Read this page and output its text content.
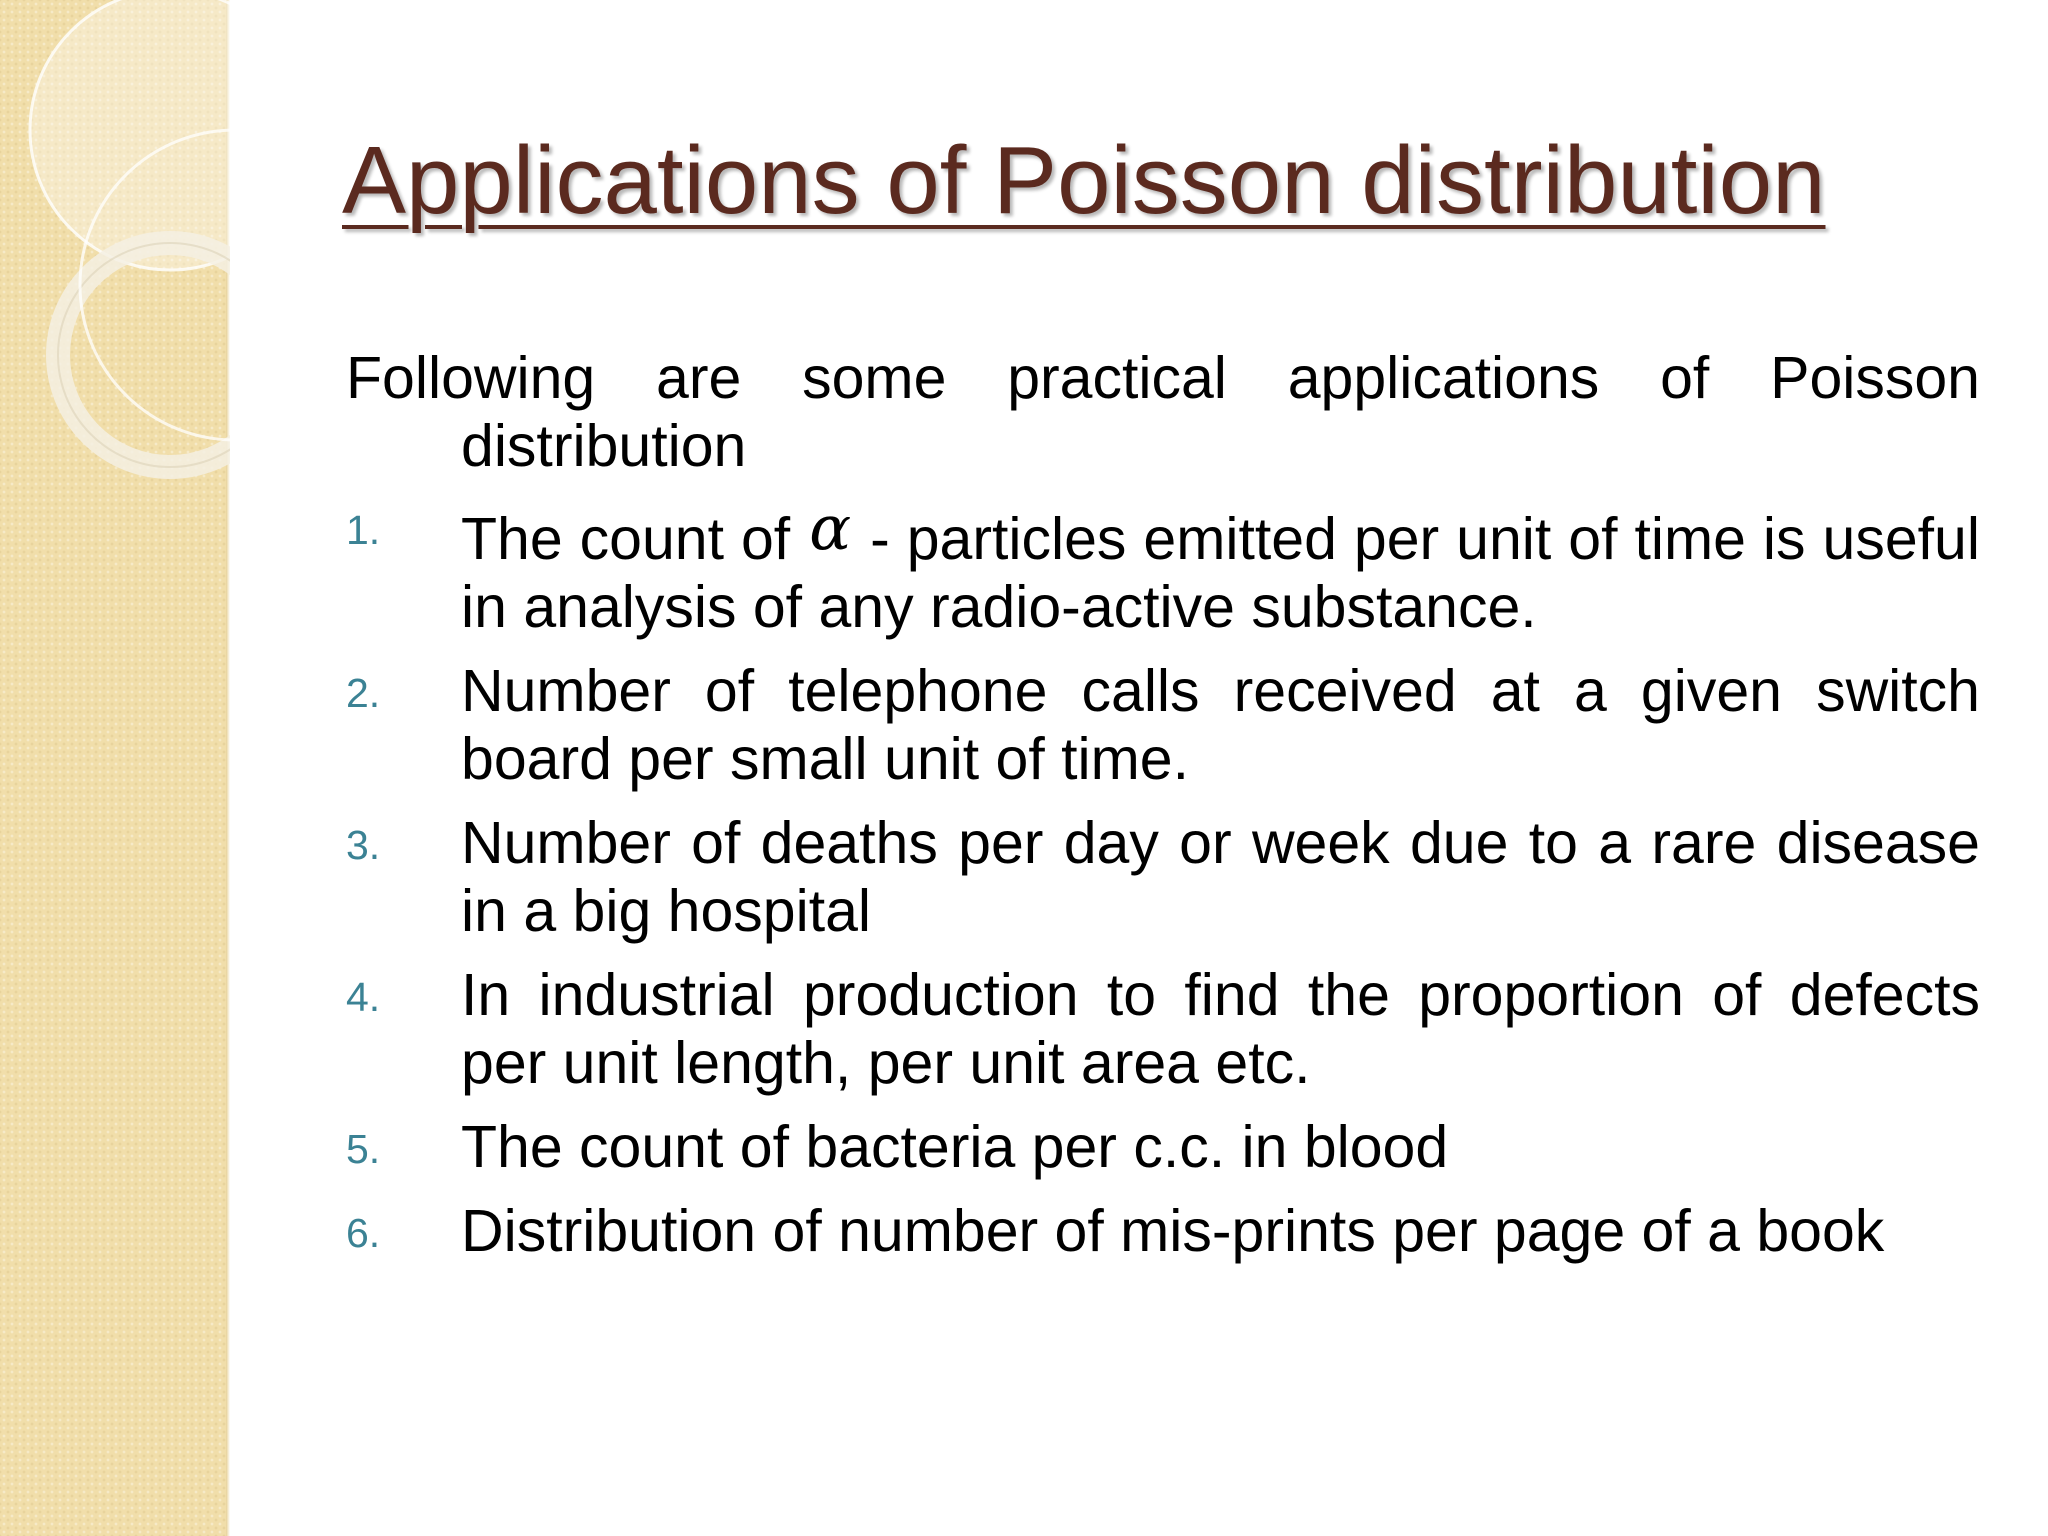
Applications of Poisson distribution

Following are some practical applications of Poisson distribution

1. The count of α - particles emitted per unit of time is useful in analysis of any radio-active substance.
2. Number of telephone calls received at a given switch board per small unit of time.
3. Number of deaths per day or week due to a rare disease in a big hospital
4. In industrial production to find the proportion of defects per unit length, per unit area etc.
5. The count of bacteria per c.c. in blood
6. Distribution of number of mis-prints per page of a book
